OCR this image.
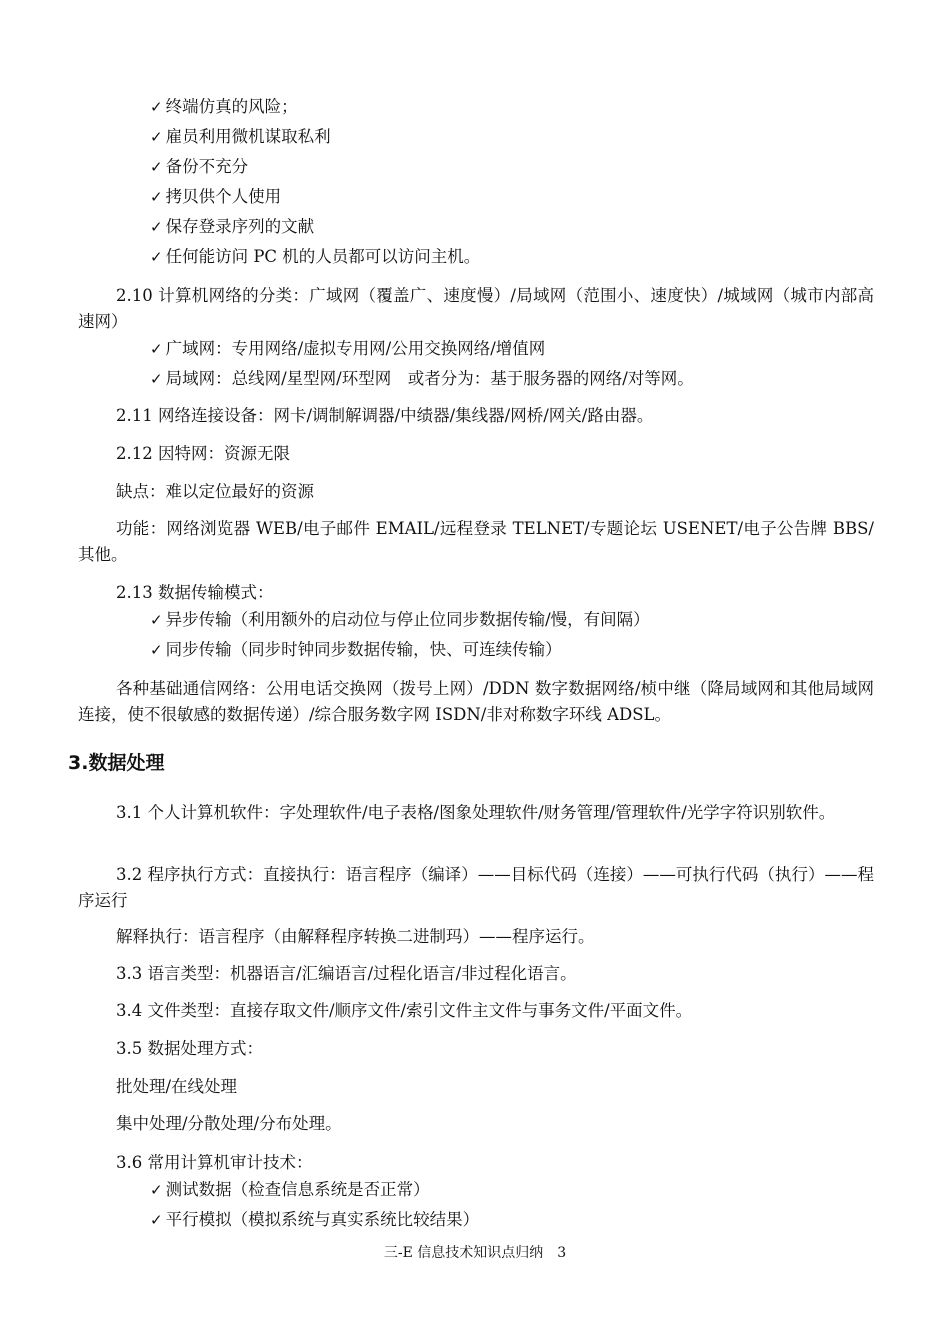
✓ 终端仿真的风险；
✓ 雇员利用微机谋取私利
✓ 备份不充分
✓ 拷贝供个人使用
✓ 保存登录序列的文献
✓ 任何能访问 PC 机的人员都可以访问主机。
2.10 计算机网络的分类：广域网（覆盖广、速度慢）/局域网（范围小、速度快）/城域网（城市内部高速网）
✓ 广域网：专用网络/虚拟专用网/公用交换网络/增值网
✓ 局域网：总线网/星型网/环型网　或者分为：基于服务器的网络/对等网。
2.11 网络连接设备：网卡/调制解调器/中绩器/集线器/网桥/网关/路由器。
2.12 因特网：资源无限
缺点：难以定位最好的资源
功能：网络浏览器 WEB/电子邮件 EMAIL/远程登录 TELNET/专题论坛 USENET/电子公告牌 BBS/其他。
2.13 数据传输模式：
✓ 异步传输（利用额外的启动位与停止位同步数据传输/慢，有间隔）
✓ 同步传输（同步时钟同步数据传输，快、可连续传输）
各种基础通信网络：公用电话交换网（拨号上网）/DDN 数字数据网络/桢中继（降局域网和其他局域网连接，使不很敏感的数据传递）/综合服务数字网 ISDN/非对称数字环线 ADSL。
3.数据处理
3.1 个人计算机软件：字处理软件/电子表格/图象处理软件/财务管理/管理软件/光学字符识别软件。
3.2 程序执行方式：直接执行：语言程序（编译）——目标代码（连接）——可执行代码（执行）——程序运行
解释执行：语言程序（由解释程序转换二进制玛）——程序运行。
3.3 语言类型：机器语言/汇编语言/过程化语言/非过程化语言。
3.4 文件类型：直接存取文件/顺序文件/索引文件主文件与事务文件/平面文件。
3.5 数据处理方式：
批处理/在线处理
集中处理/分散处理/分布处理。
3.6 常用计算机审计技术：
✓ 测试数据（检查信息系统是否正常）
✓ 平行模拟（模拟系统与真实系统比较结果）
三-E 信息技术知识点归纳　3
